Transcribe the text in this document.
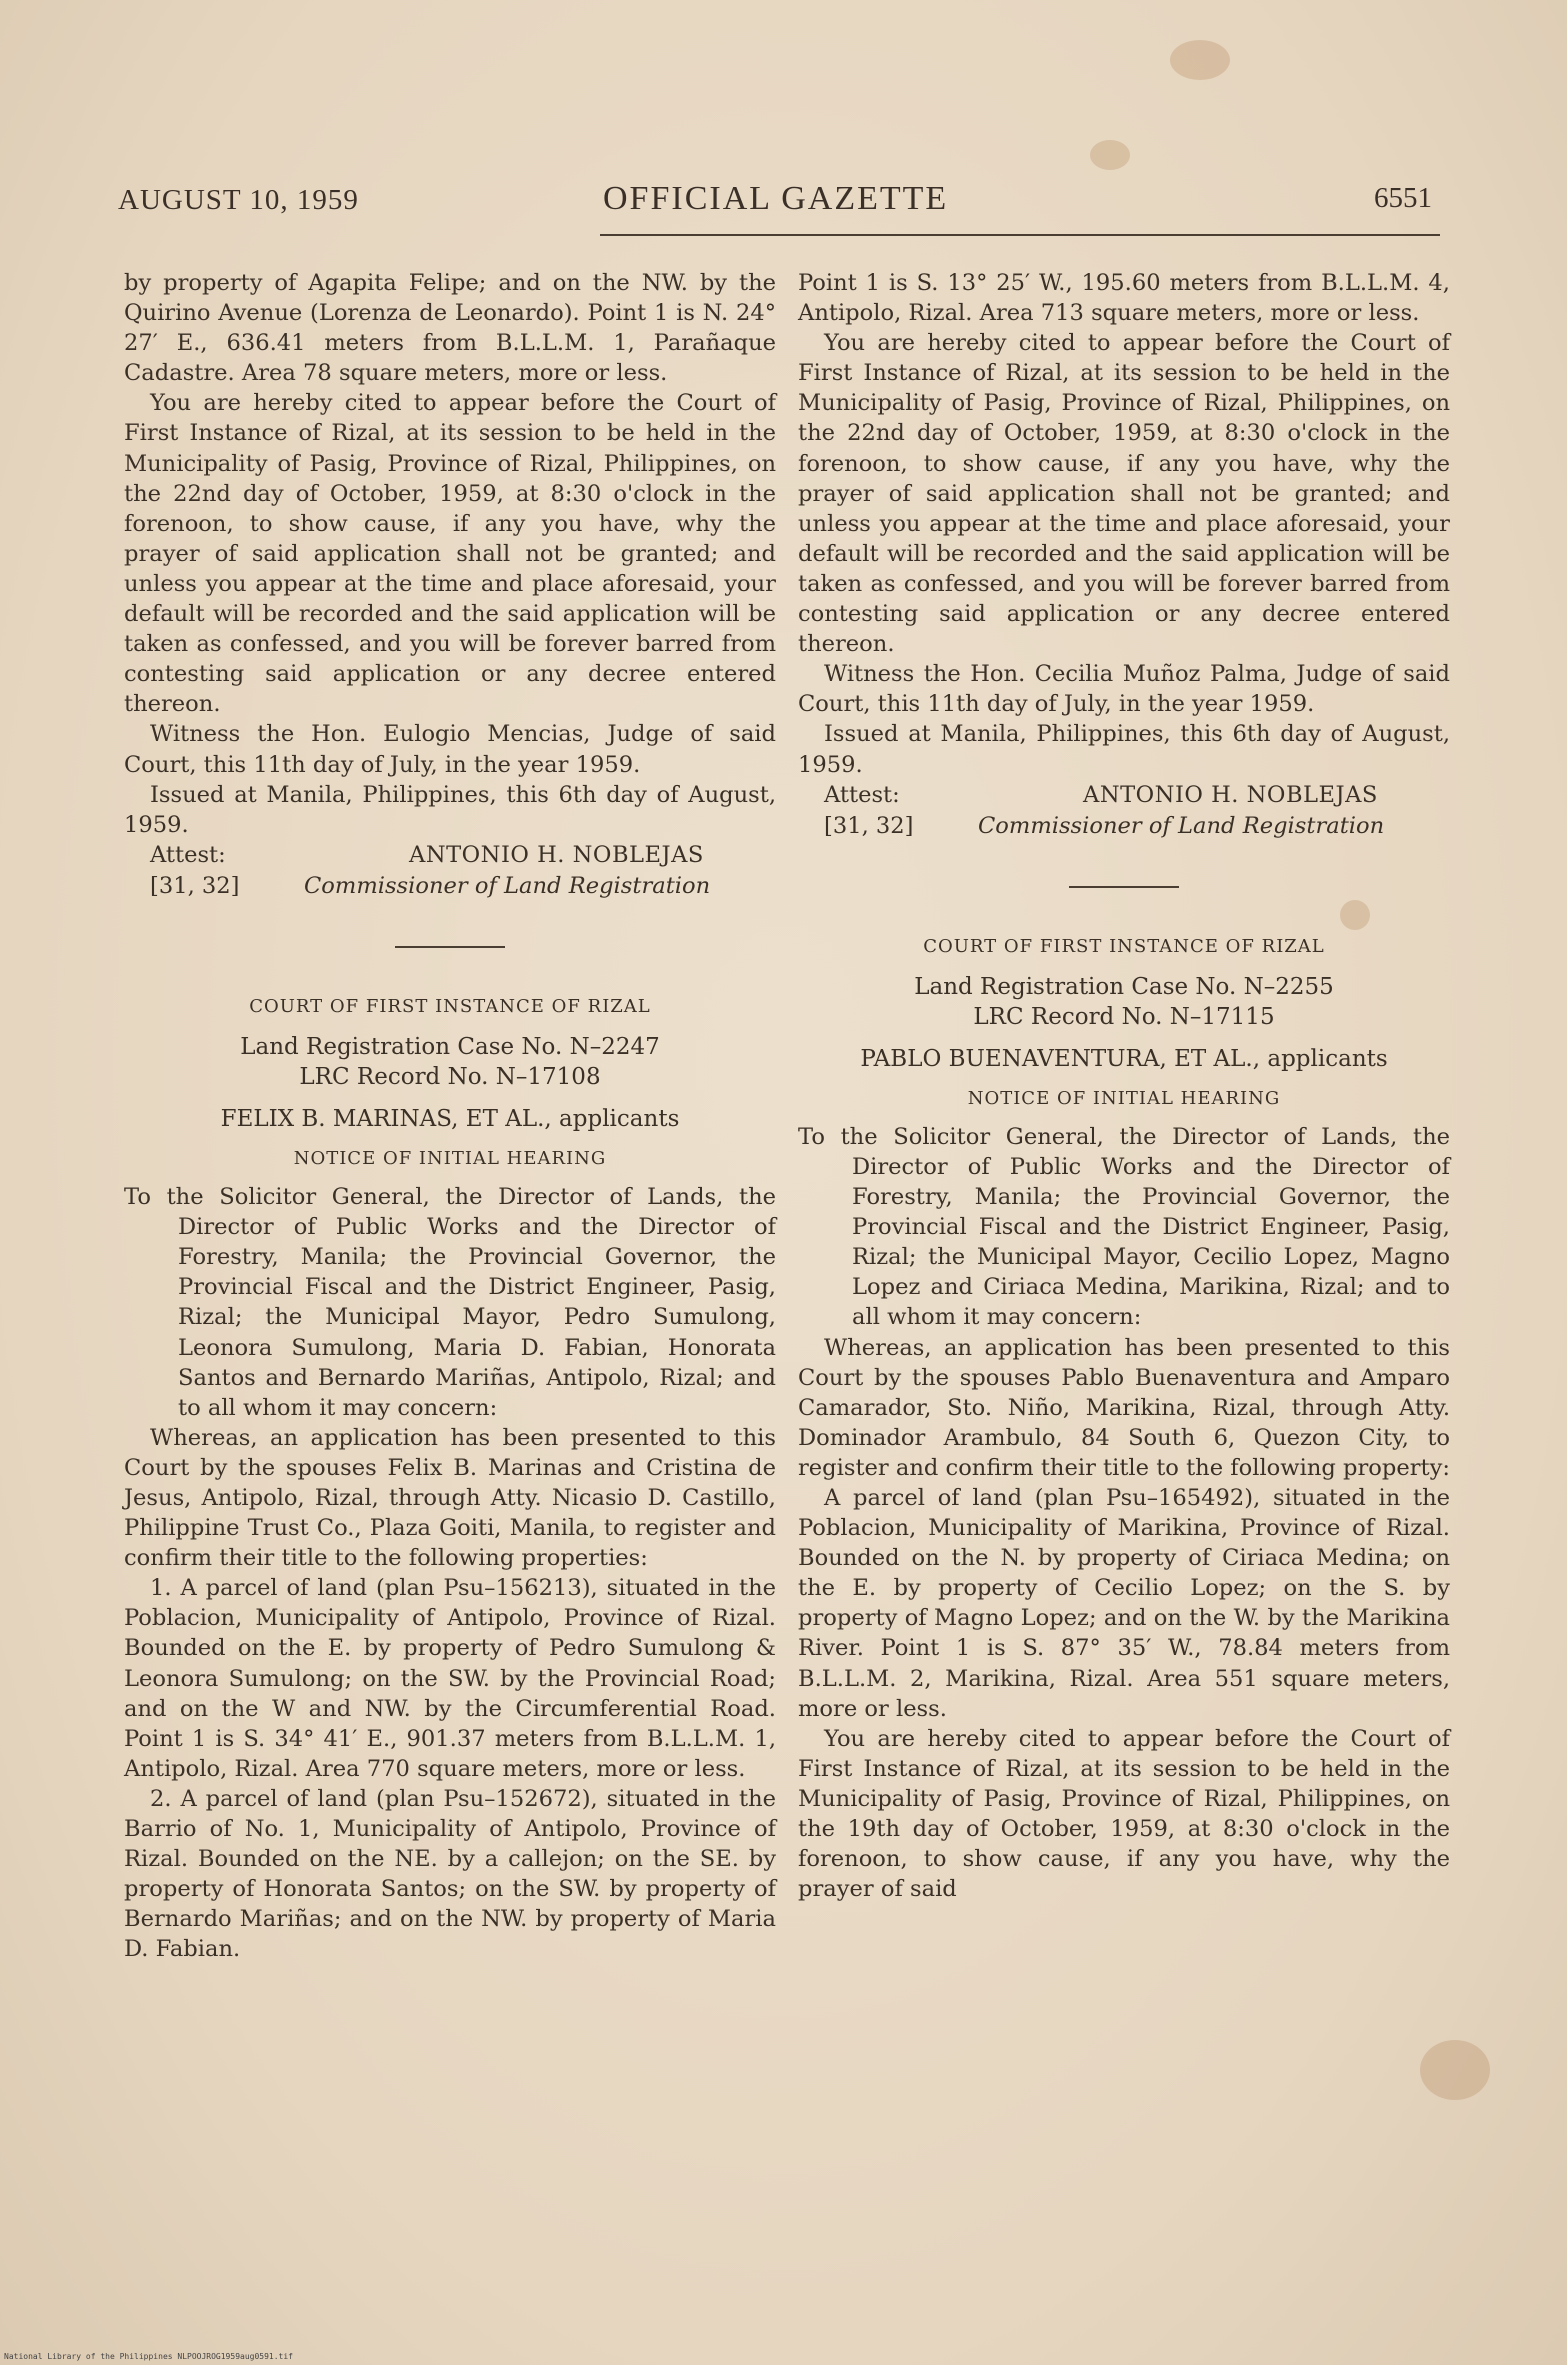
AUGUST 10, 1959	OFFICIAL GAZETTE	6551

by property of Agapita Felipe; and on the NW. by the Quirino Avenue (Lorenza de Leonardo). Point 1 is N. 24° 27′ E., 636.41 meters from B.L.L.M. 1, Parañaque Cadastre. Area 78 square meters, more or less.

You are hereby cited to appear before the Court of First Instance of Rizal, at its session to be held in the Municipality of Pasig, Province of Rizal, Philippines, on the 22nd day of October, 1959, at 8:30 o'clock in the forenoon, to show cause, if any you have, why the prayer of said application shall not be granted; and unless you appear at the time and place aforesaid, your default will be recorded and the said application will be taken as confessed, and you will be forever barred from contesting said application or any decree entered thereon.

Witness the Hon. Eulogio Mencias, Judge of said Court, this 11th day of July, in the year 1959.

Issued at Manila, Philippines, this 6th day of August, 1959.

Attest:	ANTONIO H. NOBLEJAS
[31, 32]	Commissioner of Land Registration
COURT OF FIRST INSTANCE OF RIZAL
Land Registration Case No. N–2247
LRC Record No. N–17108
FELIX B. MARINAS, ET AL., applicants
NOTICE OF INITIAL HEARING

To the Solicitor General, the Director of Lands, the Director of Public Works and the Director of Forestry, Manila; the Provincial Governor, the Provincial Fiscal and the District Engineer, Pasig, Rizal; the Municipal Mayor, Pedro Sumulong, Leonora Sumulong, Maria D. Fabian, Honorata Santos and Bernardo Mariñas, Antipolo, Rizal; and to all whom it may concern:

Whereas, an application has been presented to this Court by the spouses Felix B. Marinas and Cristina de Jesus, Antipolo, Rizal, through Atty. Nicasio D. Castillo, Philippine Trust Co., Plaza Goiti, Manila, to register and confirm their title to the following properties:

1. A parcel of land (plan Psu–156213), situated in the Poblacion, Municipality of Antipolo, Province of Rizal. Bounded on the E. by property of Pedro Sumulong & Leonora Sumulong; on the SW. by the Provincial Road; and on the W and NW. by the Circumferential Road. Point 1 is S. 34° 41′ E., 901.37 meters from B.L.L.M. 1, Antipolo, Rizal. Area 770 square meters, more or less.

2. A parcel of land (plan Psu–152672), situated in the Barrio of No. 1, Municipality of Antipolo, Province of Rizal. Bounded on the NE. by a callejon; on the SE. by property of Honorata Santos; on the SW. by property of Bernardo Mariñas; and on the NW. by property of Maria D. Fabian.

Point 1 is S. 13° 25′ W., 195.60 meters from B.L.L.M. 4, Antipolo, Rizal. Area 713 square meters, more or less.

You are hereby cited to appear before the Court of First Instance of Rizal, at its session to be held in the Municipality of Pasig, Province of Rizal, Philippines, on the 22nd day of October, 1959, at 8:30 o'clock in the forenoon, to show cause, if any you have, why the prayer of said application shall not be granted; and unless you appear at the time and place aforesaid, your default will be recorded and the said application will be taken as confessed, and you will be forever barred from contesting said application or any decree entered thereon.

Witness the Hon. Cecilia Muñoz Palma, Judge of said Court, this 11th day of July, in the year 1959.

Issued at Manila, Philippines, this 6th day of August, 1959.

Attest:	ANTONIO H. NOBLEJAS
[31, 32]	Commissioner of Land Registration
COURT OF FIRST INSTANCE OF RIZAL
Land Registration Case No. N–2255
LRC Record No. N–17115
PABLO BUENAVENTURA, ET AL., applicants
NOTICE OF INITIAL HEARING

To the Solicitor General, the Director of Lands, the Director of Public Works and the Director of Forestry, Manila; the Provincial Governor, the Provincial Fiscal and the District Engineer, Pasig, Rizal; the Municipal Mayor, Cecilio Lopez, Magno Lopez and Ciriaca Medina, Marikina, Rizal; and to all whom it may concern:

Whereas, an application has been presented to this Court by the spouses Pablo Buenaventura and Amparo Camarador, Sto. Niño, Marikina, Rizal, through Atty. Dominador Arambulo, 84 South 6, Quezon City, to register and confirm their title to the following property:

A parcel of land (plan Psu–165492), situated in the Poblacion, Municipality of Marikina, Province of Rizal. Bounded on the N. by property of Ciriaca Medina; on the E. by property of Cecilio Lopez; on the S. by property of Magno Lopez; and on the W. by the Marikina River. Point 1 is S. 87° 35′ W., 78.84 meters from B.L.L.M. 2, Marikina, Rizal. Area 551 square meters, more or less.

You are hereby cited to appear before the Court of First Instance of Rizal, at its session to be held in the Municipality of Pasig, Province of Rizal, Philippines, on the 19th day of October, 1959, at 8:30 o'clock in the forenoon, to show cause, if any you have, why the prayer of said

National Library of the Philippines NLPOOJROG1959aug0591.tif
